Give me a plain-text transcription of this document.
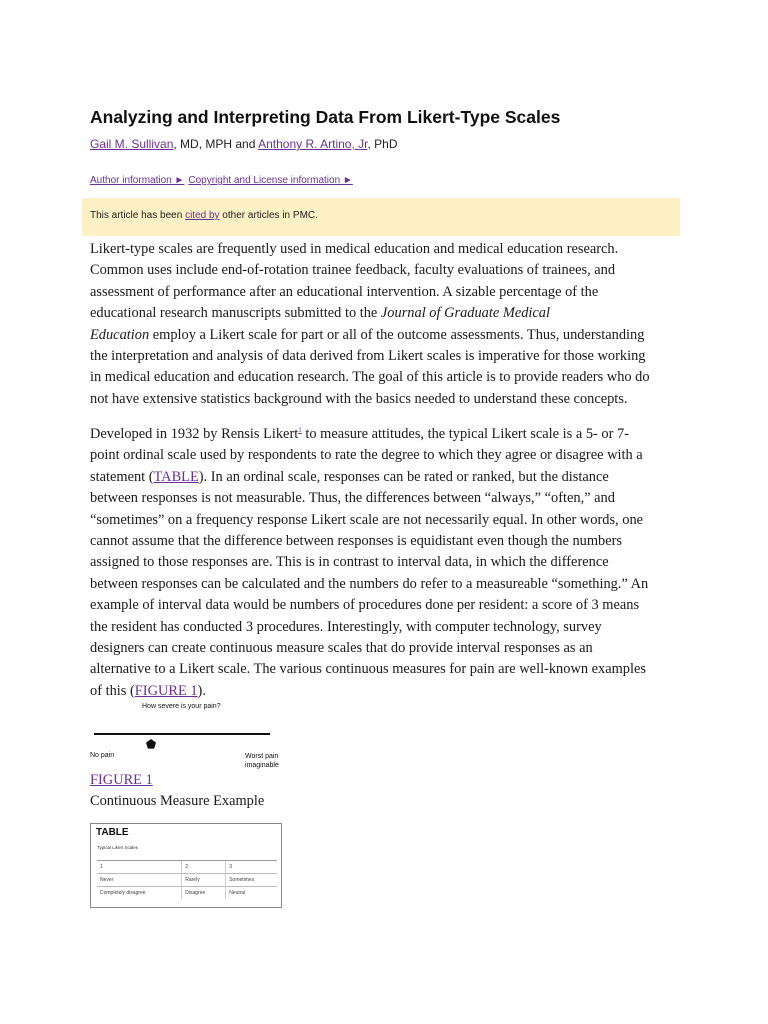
Analyzing and Interpreting Data From Likert-Type Scales
Gail M. Sullivan, MD, MPH and Anthony R. Artino, Jr, PhD
Author information ► Copyright and License information ►
This article has been cited by other articles in PMC.

Likert-type scales are frequently used in medical education and medical education research.
Common uses include end-of-rotation trainee feedback, faculty evaluations of trainees, and
assessment of performance after an educational intervention. A sizable percentage of the
educational research manuscripts submitted to the Journal of Graduate Medical
Education employ a Likert scale for part or all of the outcome assessments. Thus, understanding
the interpretation and analysis of data derived from Likert scales is imperative for those working
in medical education and education research. The goal of this article is to provide readers who do
not have extensive statistics background with the basics needed to understand these concepts.

Developed in 1932 by Rensis Likert$^1$ to measure attitudes, the typical Likert scale is a 5- or 7-
point ordinal scale used by respondents to rate the degree to which they agree or disagree with a
statement (TABLE). In an ordinal scale, responses can be rated or ranked, but the distance
between responses is not measurable. Thus, the differences between “always,” “often,” and
“sometimes” on a frequency response Likert scale are not necessarily equal. In other words, one
cannot assume that the difference between responses is equidistant even though the numbers
assigned to those responses are. This is in contrast to interval data, in which the difference
between responses can be calculated and the numbers do refer to a measureable “something.” An
example of interval data would be numbers of procedures done per resident: a score of 3 means
the resident has conducted 3 procedures. Interestingly, with computer technology, survey
designers can create continuous measure scales that do provide interval responses as an
alternative to a Likert scale. The various continuous measures for pain are well-known examples
of this (FIGURE 1).

How severe is your pain?
No pain	Worst pain
imaginable
FIGURE 1
Continuous Measure Example
TABLE
Typical Likert Scales
1	2	3
Never	Rarely	Sometimes
Completely disagree	Disagree	Neutral
